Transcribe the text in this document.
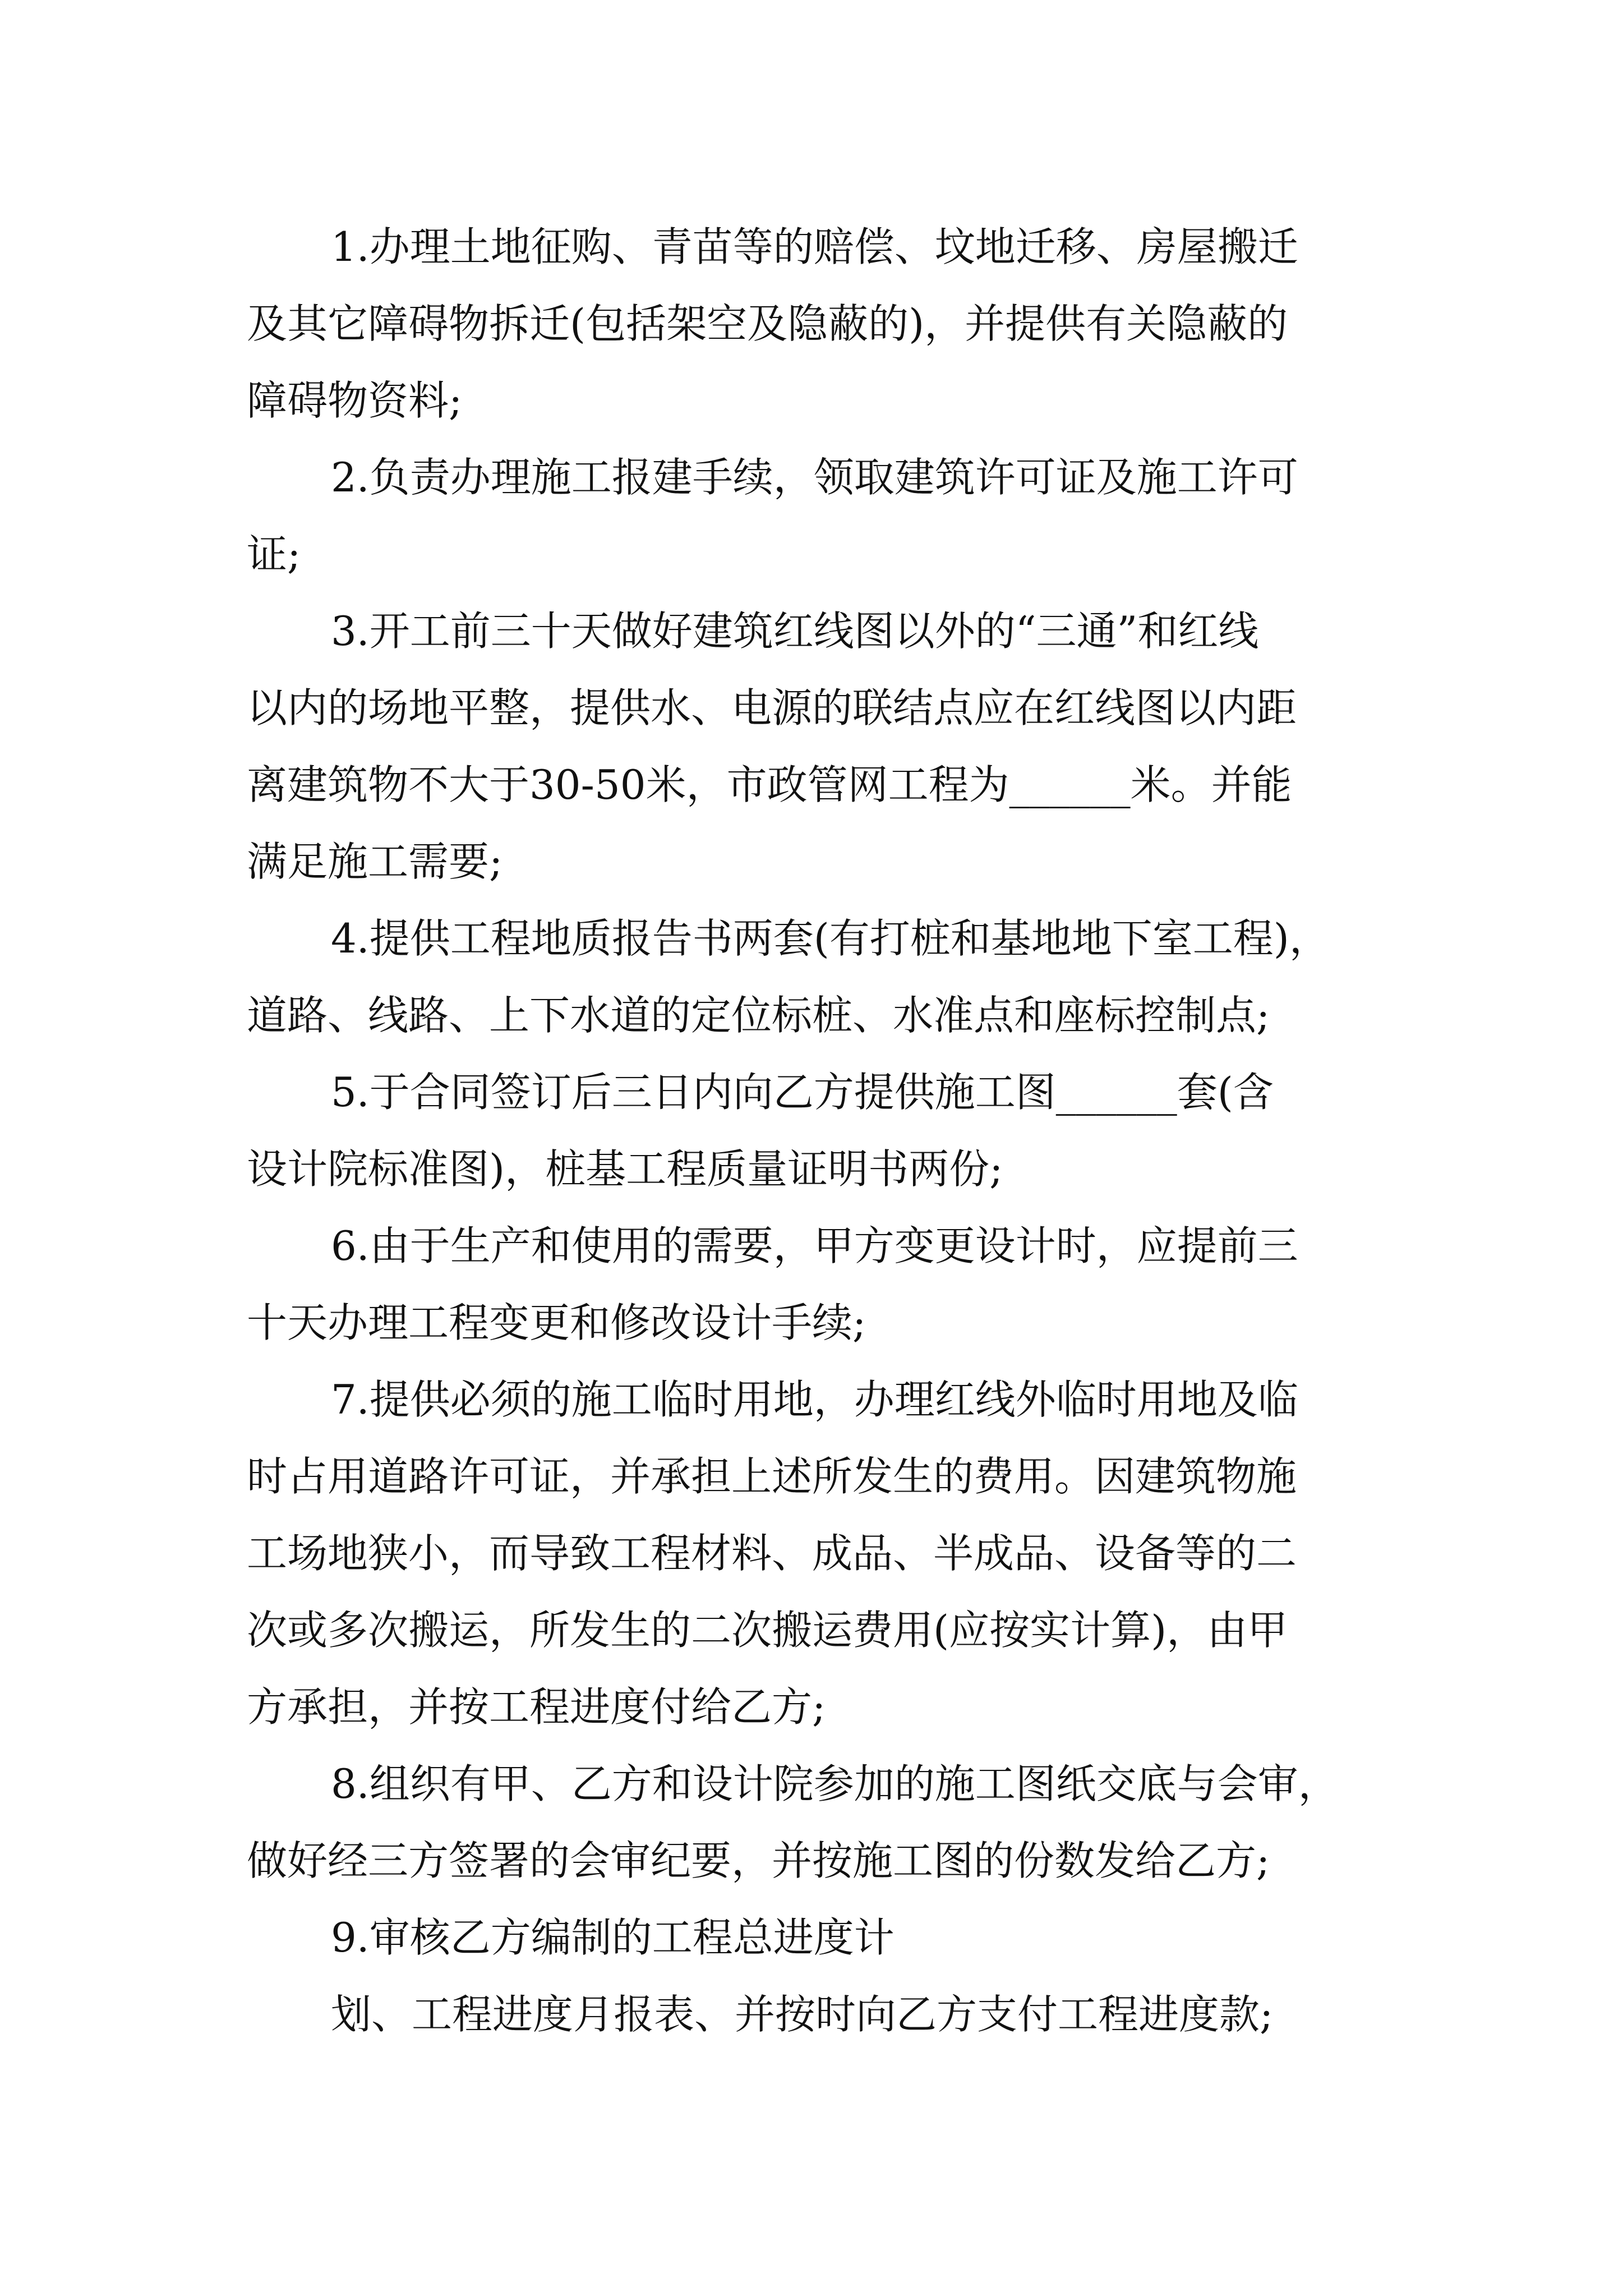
1.办理土地征购、青苗等的赔偿、坟地迁移、房屋搬迁
及其它障碍物拆迁(包括架空及隐蔽的)，并提供有关隐蔽的
障碍物资料;
2.负责办理施工报建手续，领取建筑许可证及施工许可
证;
3.开工前三十天做好建筑红线图以外的“三通”和红线
以内的场地平整，提供水、电源的联结点应在红线图以内距
离建筑物不大于30-50米，市政管网工程为______米。并能
满足施工需要;
4.提供工程地质报告书两套(有打桩和基地地下室工程)，
道路、线路、上下水道的定位标桩、水准点和座标控制点;
5.于合同签订后三日内向乙方提供施工图______套(含
设计院标准图)，桩基工程质量证明书两份;
6.由于生产和使用的需要，甲方变更设计时，应提前三
十天办理工程变更和修改设计手续;
7.提供必须的施工临时用地，办理红线外临时用地及临
时占用道路许可证，并承担上述所发生的费用。因建筑物施
工场地狭小，而导致工程材料、成品、半成品、设备等的二
次或多次搬运，所发生的二次搬运费用(应按实计算)，由甲
方承担，并按工程进度付给乙方;
8.组织有甲、乙方和设计院参加的施工图纸交底与会审，
做好经三方签署的会审纪要，并按施工图的份数发给乙方;
9.审核乙方编制的工程总进度计
划、工程进度月报表、并按时向乙方支付工程进度款;
